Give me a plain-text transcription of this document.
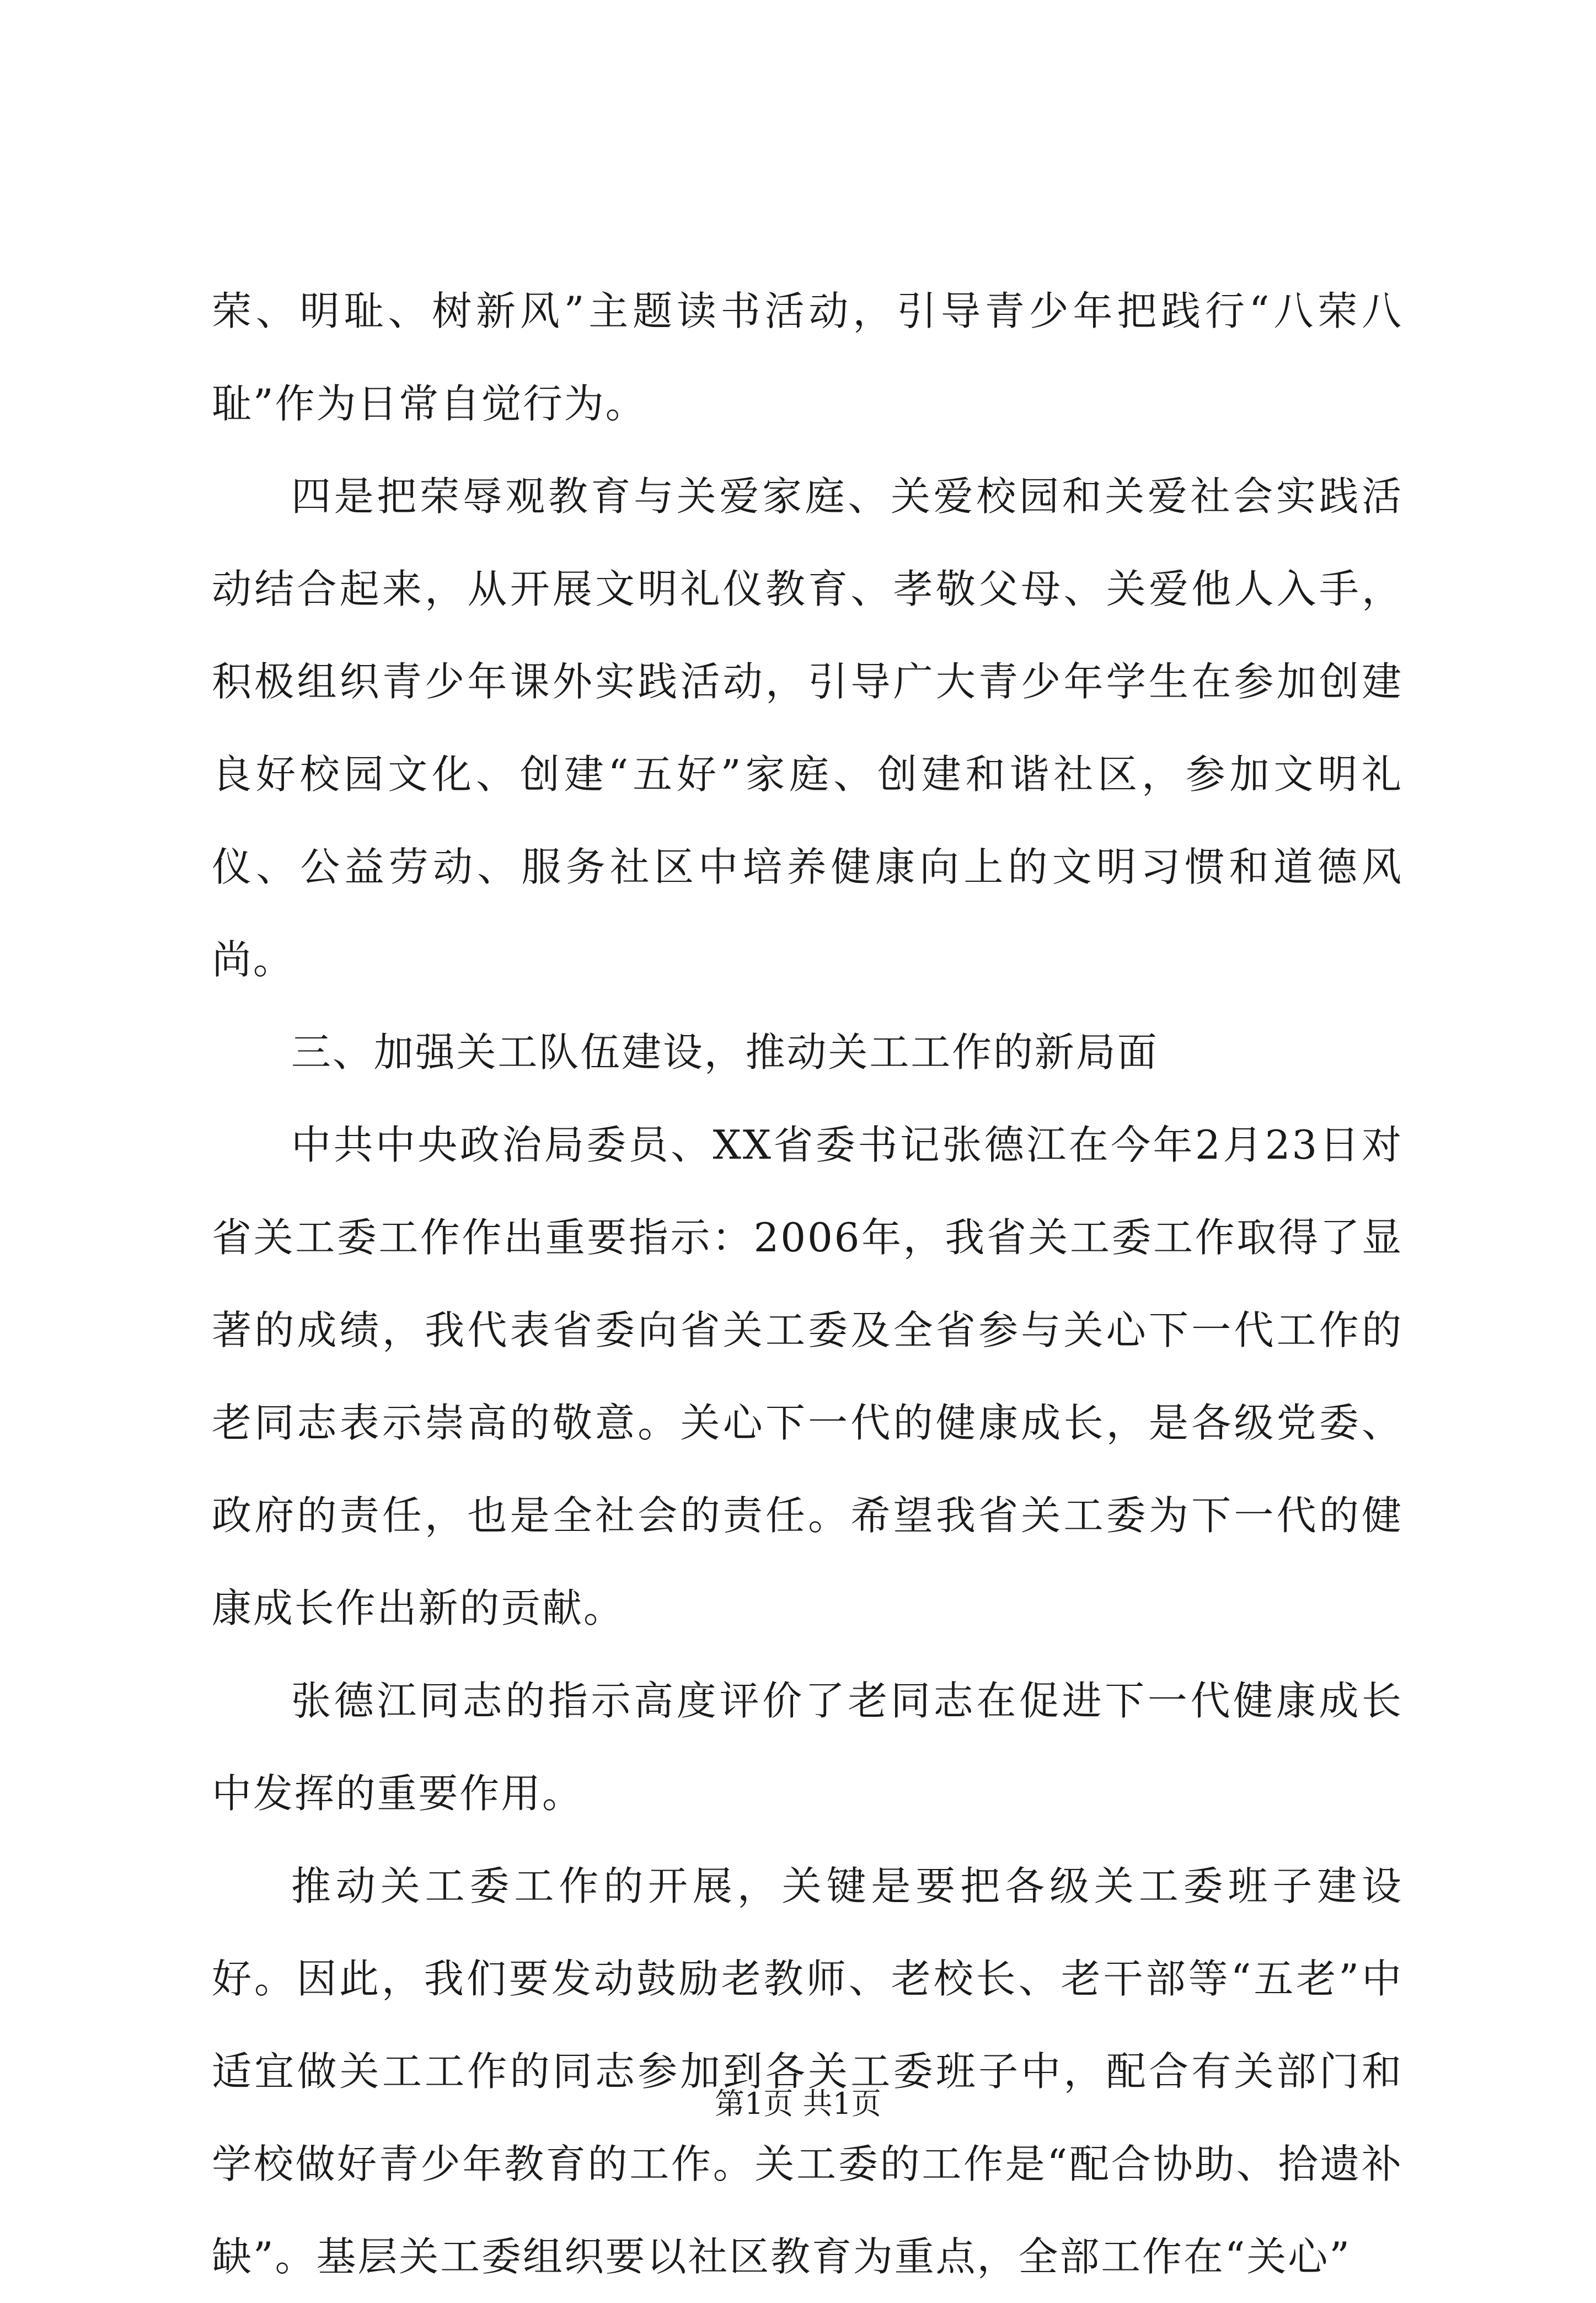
荣、明耻、树新风”主题读书活动，引导青少年把践行“八荣八耻”作为日常自觉行为。

四是把荣辱观教育与关爱家庭、关爱校园和关爱社会实践活动结合起来，从开展文明礼仪教育、孝敬父母、关爱他人入手，积极组织青少年课外实践活动，引导广大青少年学生在参加创建良好校园文化、创建“五好”家庭、创建和谐社区，参加文明礼仪、公益劳动、服务社区中培养健康向上的文明习惯和道德风尚。

三、加强关工队伍建设，推动关工工作的新局面

中共中央政治局委员、XX省委书记张德江在今年2月23日对省关工委工作作出重要指示：2006年，我省关工委工作取得了显著的成绩，我代表省委向省关工委及全省参与关心下一代工作的老同志表示崇高的敬意。关心下一代的健康成长，是各级党委、政府的责任，也是全社会的责任。希望我省关工委为下一代的健康成长作出新的贡献。

张德江同志的指示高度评价了老同志在促进下一代健康成长中发挥的重要作用。

推动关工委工作的开展，关键是要把各级关工委班子建设好。因此，我们要发动鼓励老教师、老校长、老干部等“五老”中适宜做关工工作的同志参加到各关工委班子中，配合有关部门和学校做好青少年教育的工作。关工委的工作是“配合协助、拾遗补缺”。基层关工委组织要以社区教育为重点，全部工作在“关心”

第1页 共1页
